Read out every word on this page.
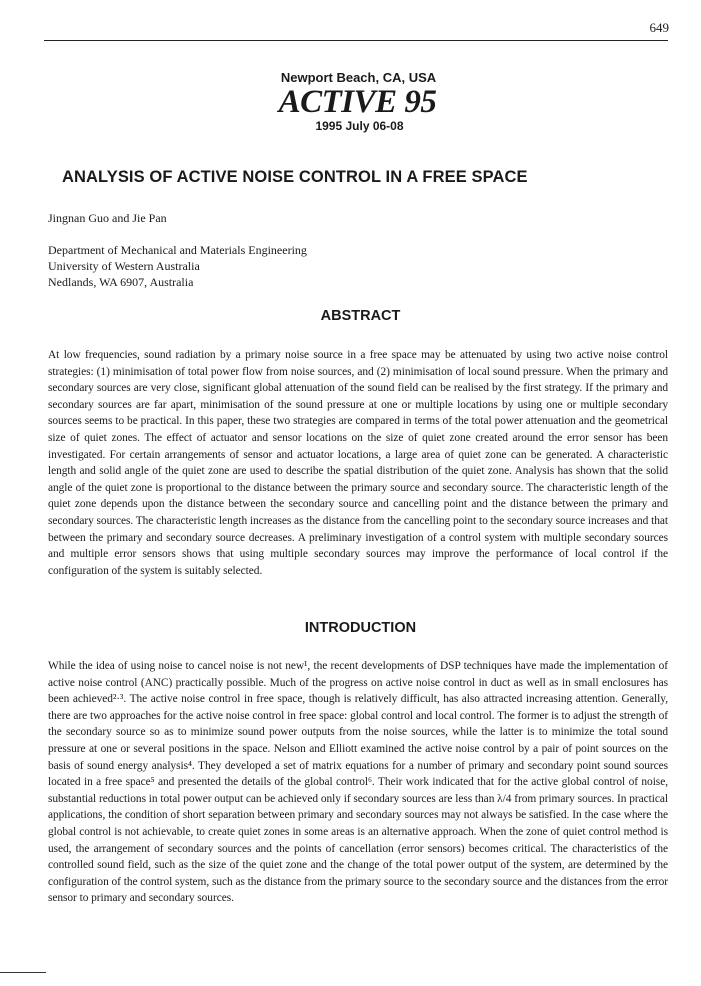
649
Newport Beach, CA, USA
ACTIVE 95
1995 July 06-08
ANALYSIS OF ACTIVE NOISE CONTROL IN A FREE SPACE
Jingnan Guo and Jie Pan
Department of Mechanical and Materials Engineering
University of Western Australia
Nedlands, WA 6907, Australia
ABSTRACT

At low frequencies, sound radiation by a primary noise source in a free space may be attenuated by using two active noise control strategies: (1) minimisation of total power flow from noise sources, and (2) minimisation of local sound pressure. When the primary and secondary sources are very close, significant global attenuation of the sound field can be realised by the first strategy. If the primary and secondary sources are far apart, minimisation of the sound pressure at one or multiple locations by using one or multiple secondary sources seems to be practical. In this paper, these two strategies are compared in terms of the total power attenuation and the geometrical size of quiet zones. The effect of actuator and sensor locations on the size of quiet zone created around the error sensor has been investigated. For certain arrangements of sensor and actuator locations, a large area of quiet zone can be generated. A characteristic length and solid angle of the quiet zone are used to describe the spatial distribution of the quiet zone. Analysis has shown that the solid angle of the quiet zone is proportional to the distance between the primary source and secondary source. The characteristic length of the quiet zone depends upon the distance between the secondary source and cancelling point and the distance between the primary and secondary sources. The characteristic length increases as the distance from the cancelling point to the secondary source increases and that between the primary and secondary source decreases. A preliminary investigation of a control system with multiple secondary sources and multiple error sensors shows that using multiple secondary sources may improve the performance of local control if the configuration of the system is suitably selected.

INTRODUCTION

While the idea of using noise to cancel noise is not new¹, the recent developments of DSP techniques have made the implementation of active noise control (ANC) practically possible. Much of the progress on active noise control in duct as well as in small enclosures has been achieved²·³. The active noise control in free space, though is relatively difficult, has also attracted increasing attention. Generally, there are two approaches for the active noise control in free space: global control and local control. The former is to adjust the strength of the secondary source so as to minimize sound power outputs from the noise sources, while the latter is to minimize the total sound pressure at one or several positions in the space. Nelson and Elliott examined the active noise control by a pair of point sources on the basis of sound energy analysis⁴. They developed a set of matrix equations for a number of primary and secondary point sound sources located in a free space⁵ and presented the details of the global control⁶. Their work indicated that for the active global control of noise, substantial reductions in total power output can be achieved only if secondary sources are less than λ/4 from primary sources. In practical applications, the condition of short separation between primary and secondary sources may not always be satisfied. In the case where the global control is not achievable, to create quiet zones in some areas is an alternative approach. When the zone of quiet control method is used, the arrangement of secondary sources and the points of cancellation (error sensors) becomes critical. The characteristics of the controlled sound field, such as the size of the quiet zone and the change of the total power output of the system, are determined by the configuration of the control system, such as the distance from the primary source to the secondary source and the distances from the error sensor to primary and secondary sources.
